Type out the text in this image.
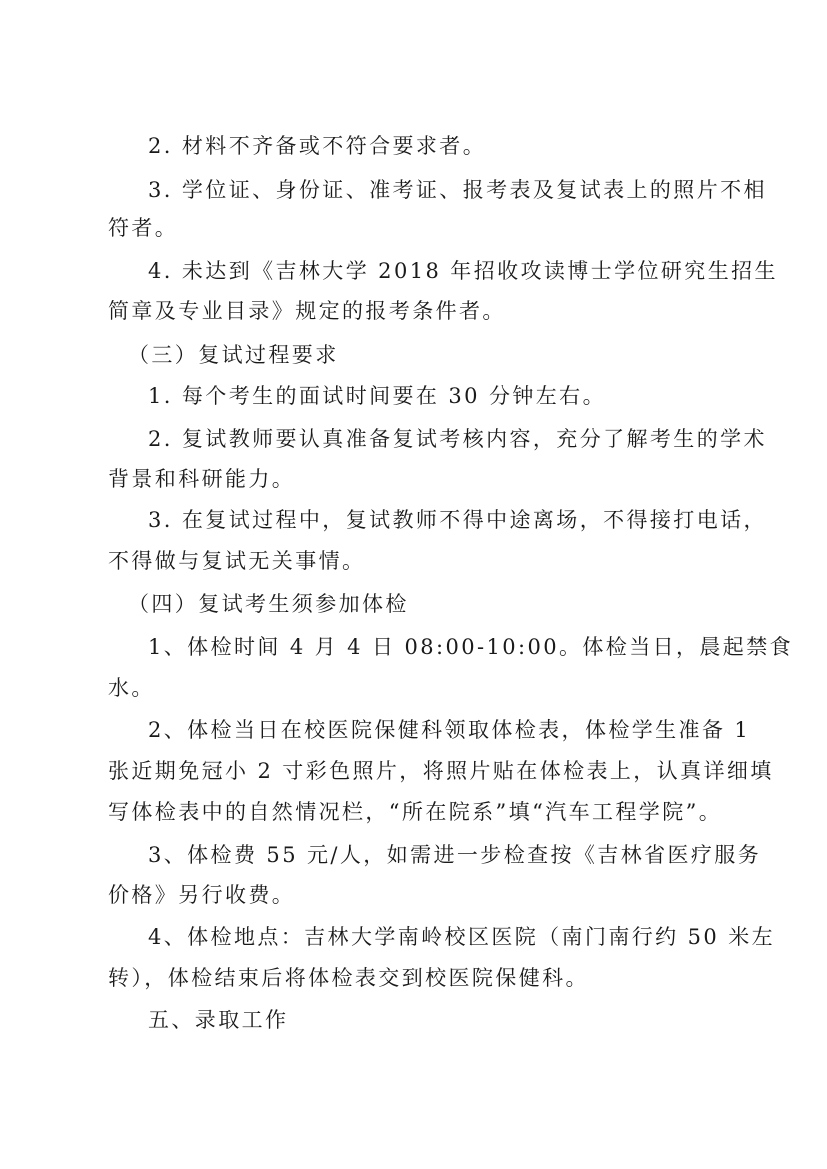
2. 材料不齐备或不符合要求者。
3. 学位证、身份证、准考证、报考表及复试表上的照片不相
符者。
4. 未达到《吉林大学 2018 年招收攻读博士学位研究生招生
简章及专业目录》规定的报考条件者。
（三）复试过程要求
1. 每个考生的面试时间要在 30 分钟左右。
2. 复试教师要认真准备复试考核内容，充分了解考生的学术
背景和科研能力。
3. 在复试过程中，复试教师不得中途离场，不得接打电话，
不得做与复试无关事情。
（四）复试考生须参加体检
1、体检时间 4 月 4 日 08:00-10:00。体检当日，晨起禁食
水。
2、体检当日在校医院保健科领取体检表，体检学生准备 1
张近期免冠小 2 寸彩色照片，将照片贴在体检表上，认真详细填
写体检表中的自然情况栏，“所在院系”填“汽车工程学院”。
3、体检费 55 元/人，如需进一步检查按《吉林省医疗服务
价格》另行收费。
4、体检地点：吉林大学南岭校区医院（南门南行约 50 米左
转），体检结束后将体检表交到校医院保健科。
五、录取工作
